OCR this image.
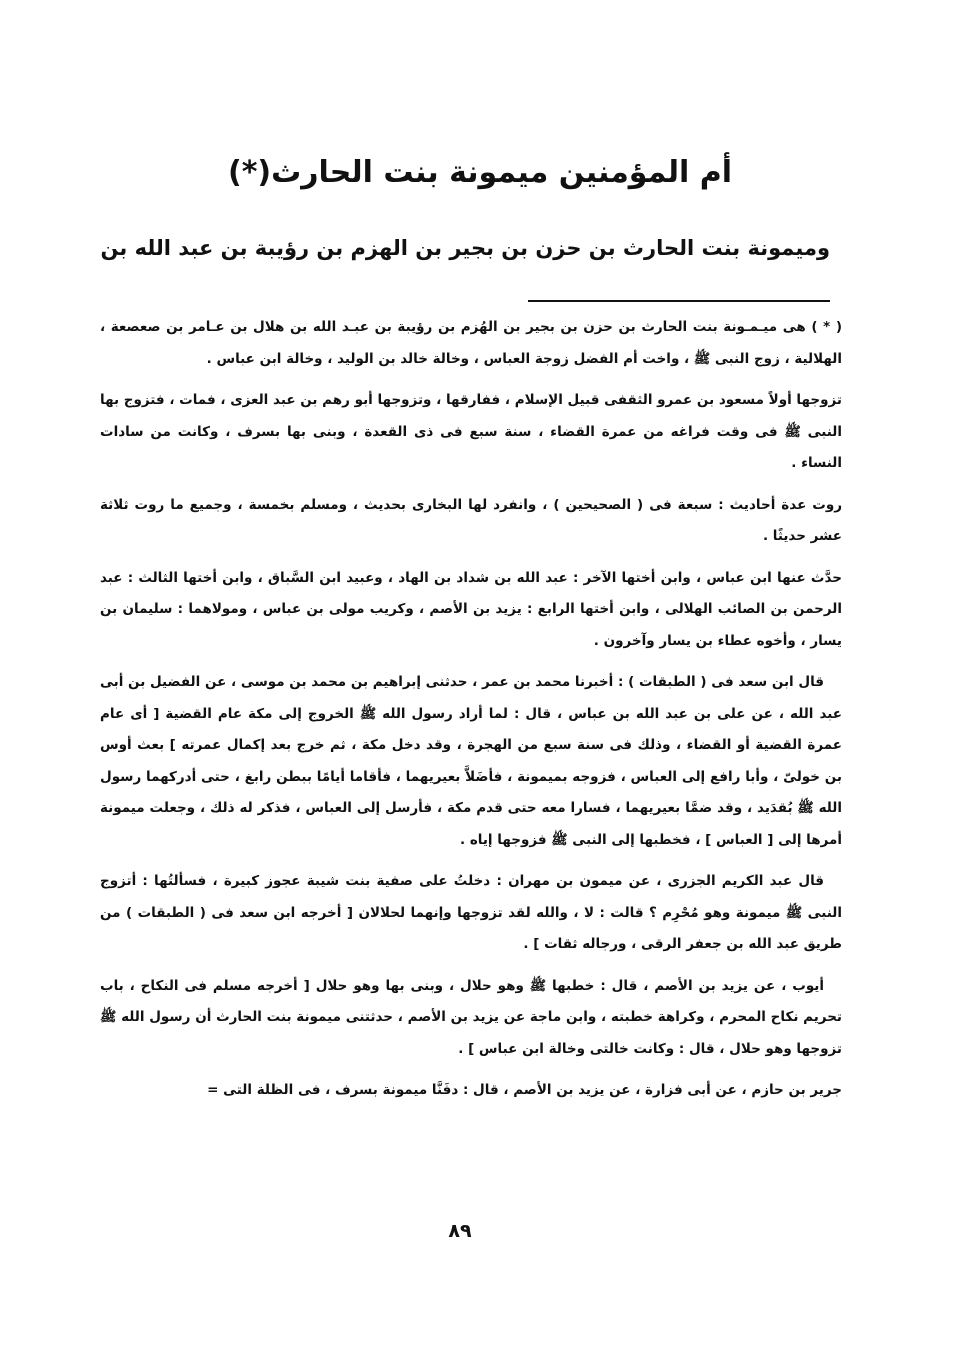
أم المؤمنين ميمونة بنت الحارث(*)
وميمونة بنت الحارث بن حزن بن بجير بن الهزم بن رؤيبة بن عبد الله بن

( * ) هى ميـمـونة بنت الحارث بن حزن بن بجير بن الهُزم بن رؤيبة بن عبـد الله بن هلال بن عـامر بن صعصعة ، الهلالية ، زوج النبى ﷺ ، واخت أم الفضل زوجة العباس ، وخالة خالد بن الوليد ، وخالة ابن عباس .

تزوجها أولاً مسعود بن عمرو الثقفى قبيل الإسلام ، ففارقها ، وتزوجها أبو رهم بن عبد العزى ، فمات ، فتزوج بها النبى ﷺ فى وقت فراغه من عمرة القضاء ، سنة سبع فى ذى القعدة ، وبنى بها بسرف ، وكانت من سادات النساء .

روت عدة أحاديث : سبعة فى ( الصحيحين ) ، وانفرد لها البخارى بحديث ، ومسلم بخمسة ، وجميع ما روت ثلاثة عشر حديثًا .

حدَّث عنها ابن عباس ، وابن أختها الآخر : عبد الله بن شداد بن الهاد ، وعبيد ابن السَّباق ، وابن أختها الثالث : عبد الرحمن بن الصائب الهلالى ، وابن أختها الرابع : يزيد بن الأصم ، وكريب مولى بن عباس ، ومولاهما : سليمان بن يسار ، وأخوه عطاء بن يسار وآخرون .

قال ابن سعد فى ( الطبقات ) : أخبرنا محمد بن عمر ، حدثنى إبراهيم بن محمد بن موسى ، عن الفضيل بن أبى عبد الله ، عن على بن عبد الله بن عباس ، قال : لما أراد رسول الله ﷺ الخروج إلى مكة عام القضية [ أى عام عمرة القضية أو القضاء ، وذلك فى سنة سبع من الهجرة ، وقد دخل مكة ، ثم خرج بعد إكمال عمرته ] بعث أوس بن خولىّ ، وأبا رافع إلى العباس ، فزوجه بميمونة ، فأضَلاَّ بعيريهما ، فأقاما أيامًا ببطن رابغ ، حتى أدركهما رسول الله ﷺ بُقدَيد ، وقد ضمَّا بعيريهما ، فسارا معه حتى قدم مكة ، فأرسل إلى العباس ، فذكر له ذلك ، وجعلت ميمونة أمرها إلى [ العباس ] ، فخطبها إلى النبى ﷺ فزوجها إياه .

قال عبد الكريم الجزرى ، عن ميمون بن مهران : دخلتُ على صفية بنت شيبة عجوز كبيرة ، فسألتُها : أتزوج النبى ﷺ ميمونة وهو مُحْرِم ؟ قالت : لا ، والله لقد تزوجها وإنهما لحلالان [ أخرجه ابن سعد فى ( الطبقات ) من طريق عبد الله بن جعفر الرقى ، ورجاله ثقات ] .

أيوب ، عن يزيد بن الأصم ، قال : خطبها ﷺ وهو حلال ، وبنى بها وهو حلال [ أخرجه مسلم فى النكاح ، باب تحريم نكاح المحرم ، وكراهة خطبته ، وابن ماجة عن يزيد بن الأصم ، حدثتنى ميمونة بنت الحارث أن رسول الله ﷺ تزوجها وهو حلال ، قال : وكانت خالتى وخالة ابن عباس ] .

جرير بن حازم ، عن أبى فزارة ، عن يزيد بن الأصم ، قال : دفَنَّا ميمونة بسرف ، فى الظلة التى =

٨٩
